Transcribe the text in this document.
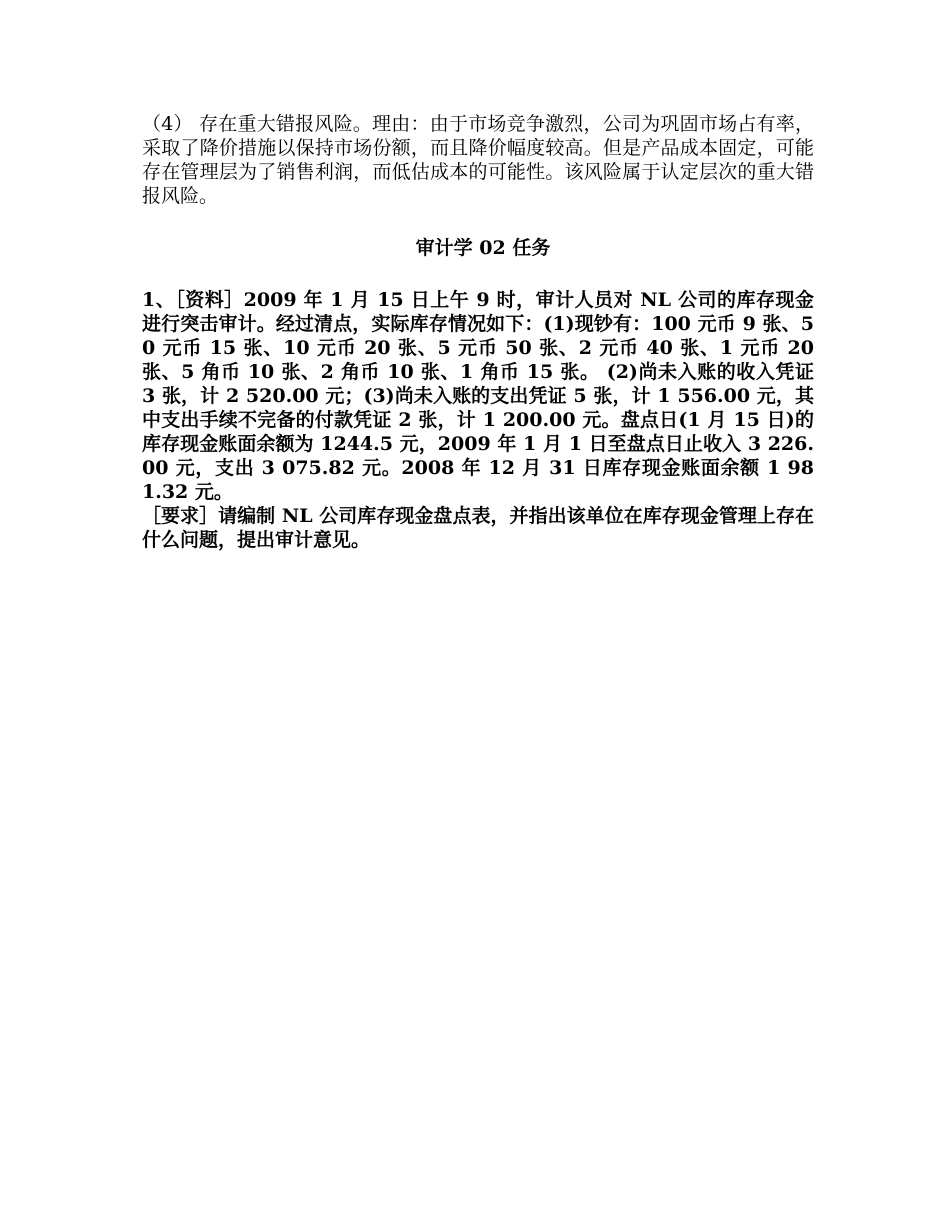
（4） 存在重大错报风险。理由：由于市场竞争激烈，公司为巩固市场占有率，采取了降价措施以保持市场份额，而且降价幅度较高。但是产品成本固定，可能存在管理层为了销售利润，而低估成本的可能性。该风险属于认定层次的重大错报风险。

审计学 02 任务

1、［资料］2009 年 1 月 15 日上午 9 时，审计人员对 NL 公司的库存现金进行突击审计。经过清点，实际库存情况如下：(1)现钞有：100 元币 9 张、50 元币 15 张、10 元币 20 张、5 元币 50 张、2 元币 40 张、1 元币 20 张、5 角币 10 张、2 角币 10 张、1 角币 15 张。 (2)尚未入账的收入凭证 3 张，计 2 520.00 元；(3)尚未入账的支出凭证 5 张，计 1 556.00 元，其中支出手续不完备的付款凭证 2 张，计 1 200.00 元。盘点日(1 月 15 日)的库存现金账面余额为 1244.5 元，2009 年 1 月 1 日至盘点日止收入 3 226.00 元，支出 3 075.82 元。2008 年 12 月 31 日库存现金账面余额 1 981.32 元。

［要求］请编制 NL 公司库存现金盘点表，并指出该单位在库存现金管理上存在什么问题，提出审计意见。
